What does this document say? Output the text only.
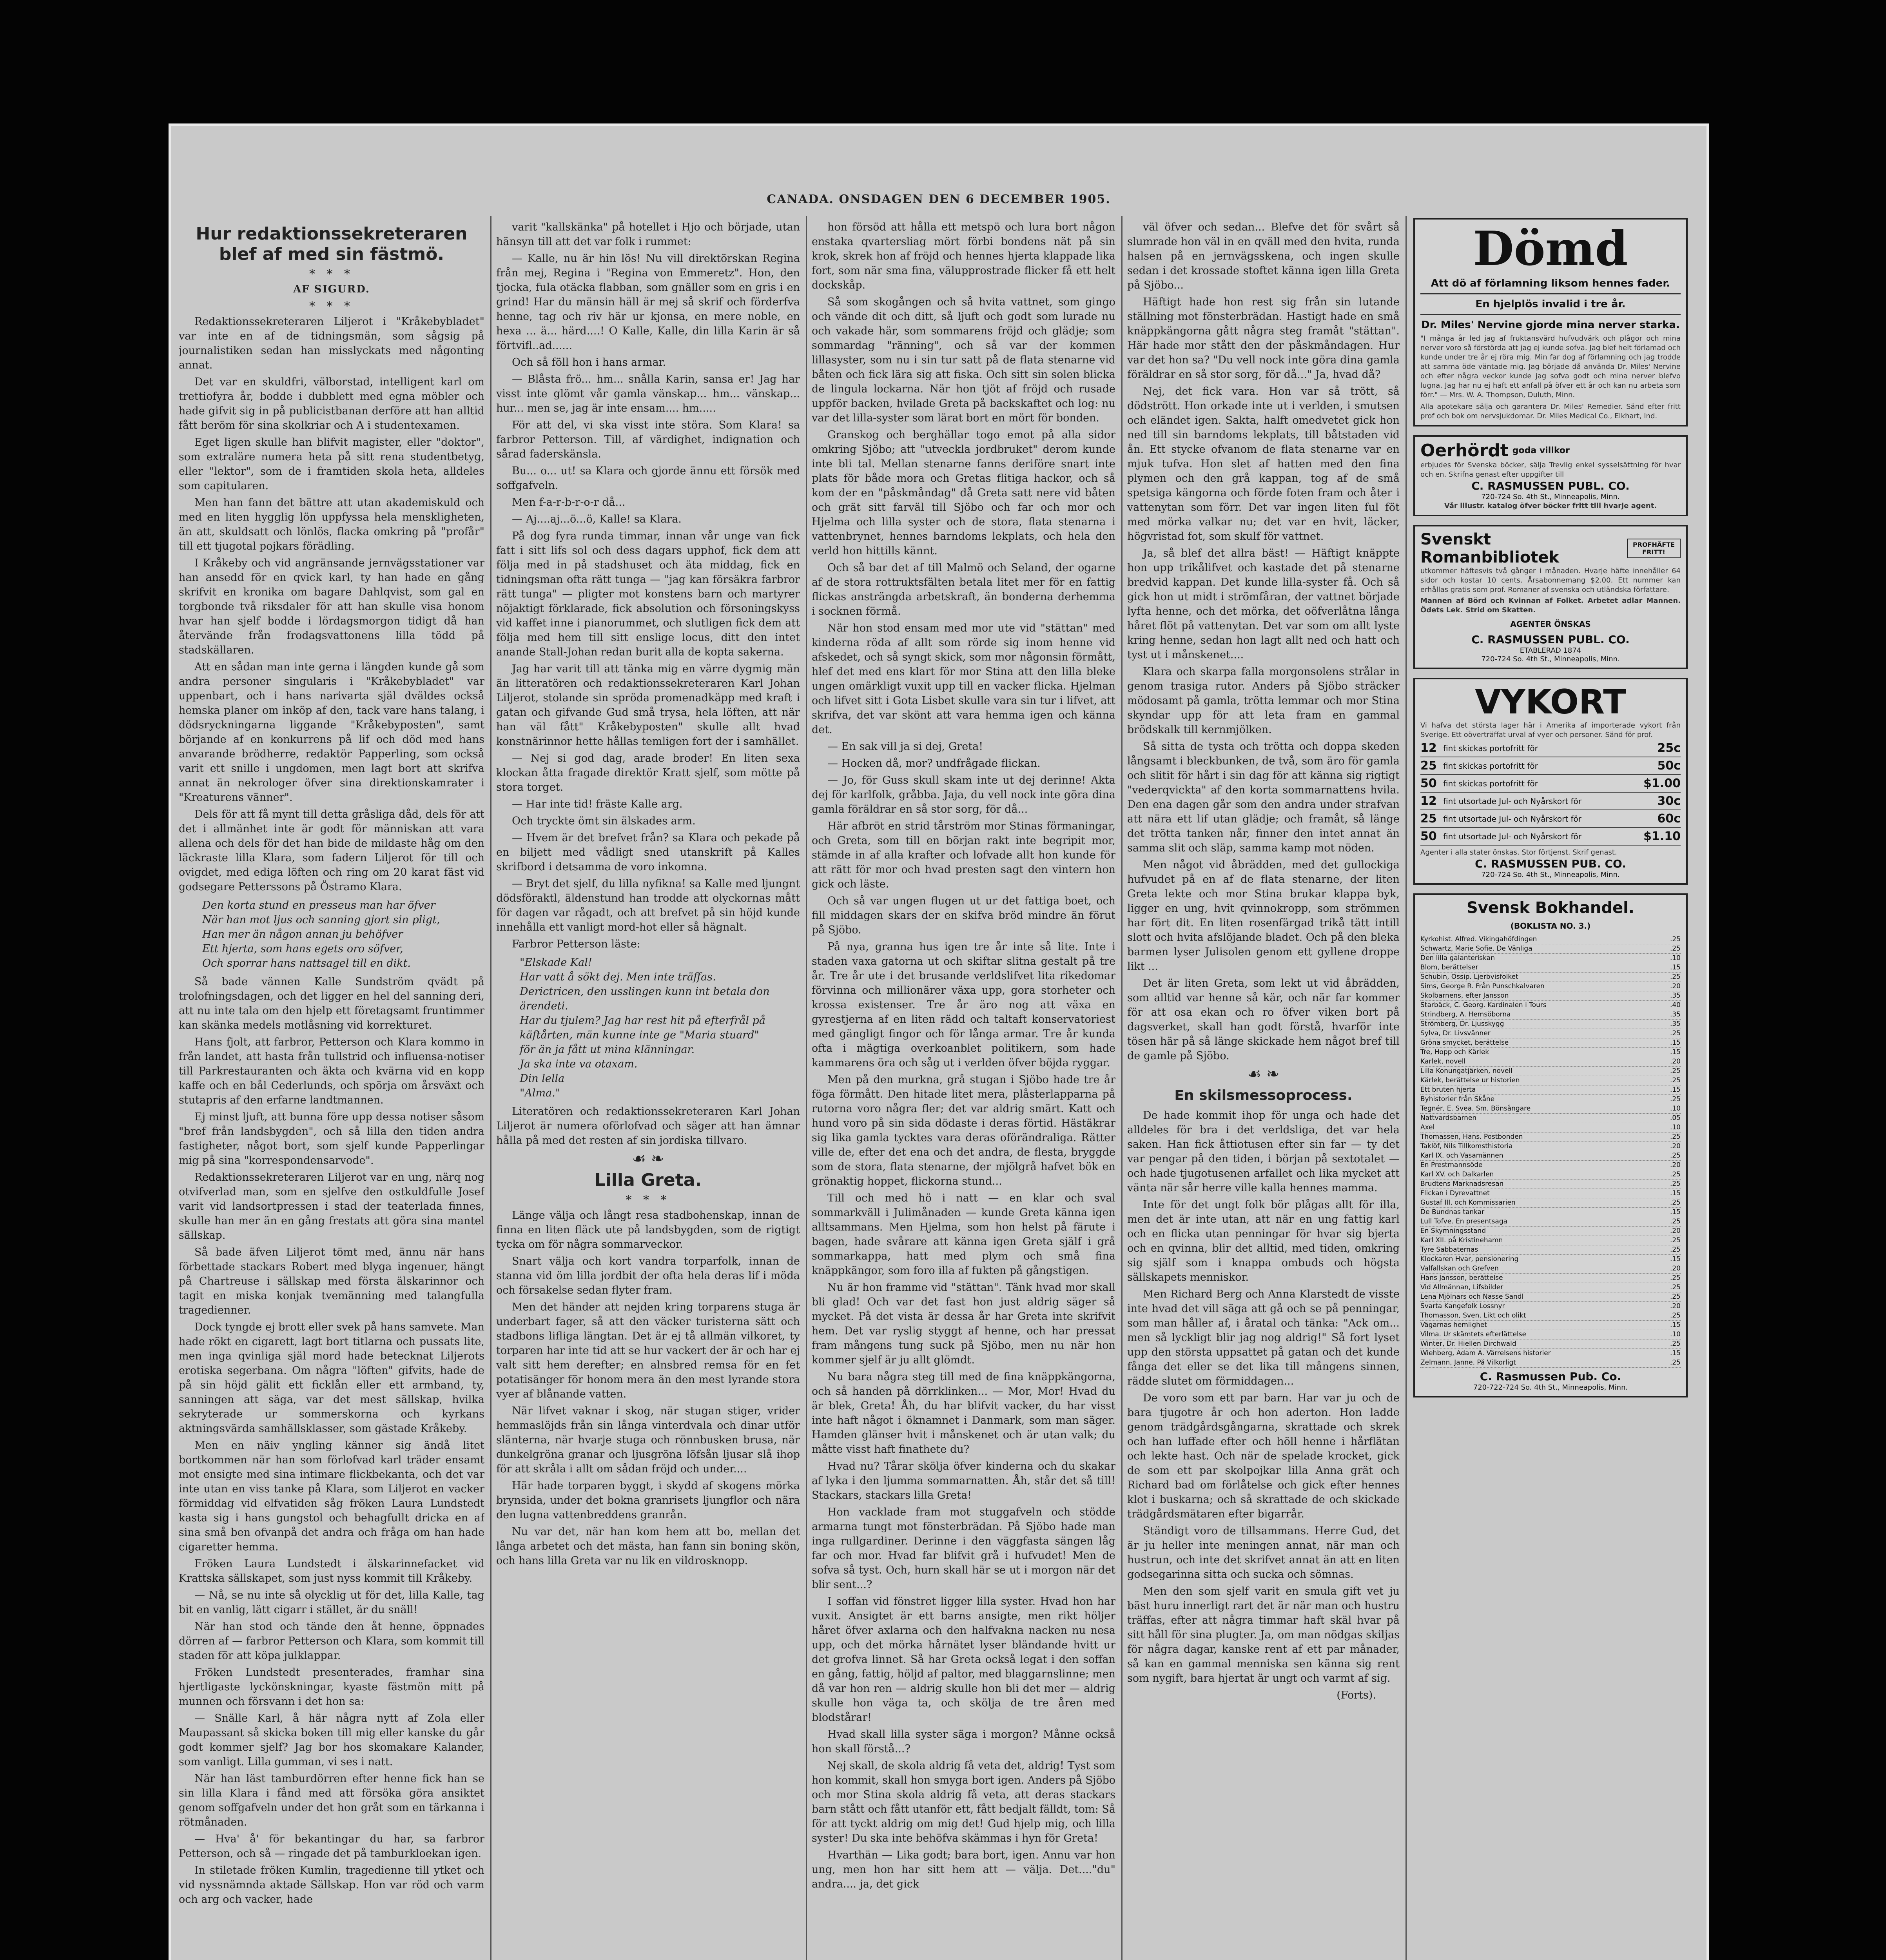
CANADA. ONSDAGEN DEN 6 DECEMBER 1905.
Hur redaktionssekreteraren blef af med sin fästmö.
* * *
AF SIGURD.
* * *

Redaktionssekreteraren Liljerot i "Kråkebybladet" var inte en af de tidningsmän, som sågsig på journalistiken sedan han misslyckats med någonting annat.

Det var en skuldfri, välborstad, intelligent karl om trettiofyra år, bodde i dubblett med egna möbler och hade gifvit sig in på publicistbanan derföre att han alltid fått beröm för sina skolkriar och A i studentexamen.

Eget ligen skulle han blifvit magister, eller "doktor", som extraläre numera heta på sitt rena studentbetyg, eller "lektor", som de i framtiden skola heta, alldeles som capitularen.

Men han fann det bättre att utan akademiskuld och med en liten hygglig lön uppfyssa hela menskligheten, än att, skuldsatt och lönlös, flacka omkring på "profår" till ett tjugotal pojkars förädling.

I Kråkeby och vid angränsande jernvägsstationer var han ansedd för en qvick karl, ty han hade en gång skrifvit en kronika om bagare Dahlqvist, som gal en torgbonde två riksdaler för att han skulle visa honom hvar han sjelf bodde i lördagsmorgon tidigt då han återvände från frodagsvattonens lilla tödd på stadskällaren.

Att en sådan man inte gerna i längden kunde gå som andra personer singularis i "Kråkebybladet" var uppenbart, och i hans narivarta själ dväldes också hemska planer om inköp af den, tack vare hans talang, i dödsryckningarna liggande "Kråkebyposten", samt börjande af en konkurrens på lif och död med hans anvarande brödherre, redaktör Papperling, som också varit ett snille i ungdomen, men lagt bort att skrifva annat än nekrologer öfver sina direktionskamrater i "Kreaturens vänner".

Dels för att få mynt till detta gråsliga dåd, dels för att det i allmänhet inte är godt för människan att vara allena och dels för det han bide de mildaste håg om den läckraste lilla Klara, som fadern Liljerot för till och ovigdet, med ediga löften och ring om 20 karat fäst vid godsegare Petterssons på Östramo Klara.

Den korta stund en presseus man har öfver
När han mot ljus och sanning gjort sin pligt,
Han mer än någon annan ju behöfver
Ett hjerta, som hans egets oro söfver,
Och sporrar hans nattsagel till en dikt.

Så bade vännen Kalle Sundström qvädt på trolofningsdagen, och det ligger en hel del sanning deri, att nu inte tala om den hjelp ett företagsamt fruntimmer kan skänka medels motlåsning vid korrekturet.

Hans fjolt, att farbror, Petterson och Klara kommo in från landet, att hasta från tullstrid och influensa-notiser till Parkrestauranten och äkta och kvärna vid en kopp kaffe och en bål Cederlunds, och spörja om årsväxt och stutapris af den erfarne landtmannen.

Ej minst ljuft, att bunna före upp dessa notiser såsom "bref från landsbygden", och så lilla den tiden andra fastigheter, något bort, som sjelf kunde Papperlingar mig på sina "korrespondensarvode".

Redaktionssekreteraren Liljerot var en ung, närq nog otvifverlad man, som en sjelfve den ostkuldfulle Josef varit vid landsortpressen i stad der teaterlada finnes, skulle han mer än en gång frestats att göra sina mantel sällskap.

Så bade äfven Liljerot tömt med, ännu när hans förbettade stackars Robert med blyga ingenuer, hängt på Chartreuse i sällskap med första älskarinnor och tagit en miska konjak tvemänning med talangfulla tragedienner.

Dock tyngde ej brott eller svek på hans samvete. Man hade rökt en cigarett, lagt bort titlarna och pussats lite, men inga qvinliga själ mord hade betecknat Liljerots erotiska segerbana. Om några "löften" gifvits, hade de på sin höjd gälit ett ficklån eller ett armband, ty, sanningen att säga, var det mest sällskap, hvilka sekryterade ur sommerskorna och kyrkans aktningsvärda samhällsklasser, som gästade Kråkeby.

Men en näiv yngling känner sig ändå litet bortkommen när han som förlofvad karl träder ensamt mot ensigte med sina intimare flickbekanta, och det var inte utan en viss tanke på Klara, som Liljerot en vacker förmiddag vid elfvatiden såg fröken Laura Lundstedt kasta sig i hans gungstol och behagfullt dricka en af sina små ben ofvanpå det andra och fråga om han hade cigaretter hemma.

Fröken Laura Lundstedt i älskarinnefacket vid Krattska sällskapet, som just nyss kommit till Kråkeby.

— Nå, se nu inte så olycklig ut för det, lilla Kalle, tag bit en vanlig, lätt cigarr i stället, är du snäll!

När han stod och tände den åt henne, öppnades dörren af — farbror Petterson och Klara, som kommit till staden för att köpa julklappar.

Fröken Lundstedt presenterades, framhar sina hjertligaste lyckönskningar, kyaste fästmön mitt på munnen och försvann i det hon sa:

— Snälle Karl, å här några nytt af Zola eller Maupassant så skicka boken till mig eller kanske du går godt kommer sjelf? Jag bor hos skomakare Kalander, som vanligt. Lilla gumman, vi ses i natt.

När han läst tamburdörren efter henne fick han se sin lilla Klara i fånd med att försöka göra ansiktet genom soffgafveln under det hon gråt som en tärkanna i rötmånaden.

— Hva' å' för bekantingar du har, sa farbror Petterson, och så — ringade det på tamburkloekan igen.

In stiletade fröken Kumlin, tragedienne till ytket och vid nyssnämnda aktade Sällskap. Hon var röd och varm och arg och vacker, hade

varit "kallskänka" på hotellet i Hjo och började, utan hänsyn till att det var folk i rummet:

— Kalle, nu är hin lös! Nu vill direktörskan Regina från mej, Regina i "Regina von Emmeretz". Hon, den tjocka, fula otäcka flabban, som gnäller som en gris i en grind! Har du mänsin häll är mej så skrif och förderfva henne, tag och riv här ur kjonsa, en mere noble, en hexa ... ä... härd....! O Kalle, Kalle, din lilla Karin är så förtvifl..ad......

Och så föll hon i hans armar.

— Blåsta frö... hm... snålla Karin, sansa er! Jag har visst inte glömt vår gamla vänskap... hm... vänskap... hur... men se, jag är inte ensam.... hm.....

För att del, vi ska visst inte störa. Som Klara! sa farbror Petterson. Till, af värdighet, indignation och sårad faderskänsla.

Bu... o... ut! sa Klara och gjorde ännu ett försök med soffgafveln.

Men f-a-r-b-r-o-r då...

— Aj....aj...ö...ö, Kalle! sa Klara.

På dog fyra runda timmar, innan vår unge van fick fatt i sitt lifs sol och dess dagars upphof, fick dem att följa med in på stadshuset och äta middag, fick en tidningsman ofta rätt tunga — "jag kan försäkra farbror rätt tunga" — pligter mot konstens barn och martyrer nöjaktigt förklarade, fick absolution och försoningskyss vid kaffet inne i pianorummet, och slutligen fick dem att följa med hem till sitt enslige locus, ditt den intet anande Stall-Johan redan burit alla de kopta sakerna.

Jag har varit till att tänka mig en värre dygmig män än litteratören och redaktionssekreteraren Karl Johan Liljerot, stolande sin spröda promenadkäpp med kraft i gatan och gifvande Gud små trysa, hela löften, att när han väl fått" Kråkebyposten" skulle allt hvad konstnärinnor hette hållas temligen fort der i samhället.

— Nej si god dag, arade broder! En liten sexa klockan åtta fragade direktör Kratt sjelf, som mötte på stora torget.

— Har inte tid! fräste Kalle arg.

Och tryckte ömt sin älskades arm.

— Hvem är det brefvet från? sa Klara och pekade på en biljett med vådligt sned utanskrift på Kalles skrifbord i detsamma de voro inkomna.

— Bryt det sjelf, du lilla nyfikna! sa Kalle med ljungnt dödsföraktl, äldenstund han trodde att olyckornas mått för dagen var rågadt, och att brefvet på sin höjd kunde innehålla ett vanligt mord-hot eller så hägnalt.

Farbror Petterson läste:

"Elskade Kal!
Har vatt å sökt dej. Men inte träffas. Derictricen, den usslingen kunn int betala don ärendeti.
Har du tjulem? Jag har rest hit på efterfrål på käftårten, män kunne inte ge "Maria stuard" för än ja fått ut mina klänningar.
Ja ska inte va otaxam.
Din lella
"Alma."

Literatören och redaktionssekreteraren Karl Johan Liljerot är numera oförlofvad och säger att han ämnar hålla på med det resten af sin jordiska tillvaro.

☙ ❧
Lilla Greta.
* * *

Länge välja och långt resa stadbohenskap, innan de finna en liten fläck ute på landsbygden, som de rigtigt tycka om för några sommarveckor.

Snart välja och kort vandra torparfolk, innan de stanna vid öm lilla jordbit der ofta hela deras lif i möda och försakelse sedan flyter fram.

Men det händer att nejden kring torparens stuga är underbart fager, så att den väcker turisterna sätt och stadbons lifliga längtan. Det är ej tå allmän vilkoret, ty torparen har inte tid att se hur vackert der är och har ej valt sitt hem derefter; en alnsbred remsa för en fet potatisänger för honom mera än den mest lyrande stora vyer af blånande vatten.

När lifvet vaknar i skog, när stugan stiger, vrider hemmaslöjds från sin långa vinterdvala och dinar utför slänterna, när hvarje stuga och rönnbusken brusa, när dunkelgröna granar och ljusgröna löfsån ljusar slå ihop för att skråla i allt om sådan fröjd och under....

Här hade torparen byggt, i skydd af skogens mörka brynsida, under det bokna granrisets ljungflor och nära den lugna vattenbreddens granrån.

Nu var det, när han kom hem att bo, mellan det långa arbetet och det mästa, han fann sin boning skön, och hans lilla Greta var nu lik en vildrosknopp.

hon försöd att hålla ett metspö och lura bort någon enstaka qvartersliag mört förbi bondens nät på sin krok, skrek hon af fröjd och hennes hjerta klappade lika fort, som när sma fina, välupprostrade flicker få ett helt dockskåp.

Så som skogången och så hvita vattnet, som gingo och vände dit och ditt, så ljuft och godt som lurade nu och vakade här, som sommarens fröjd och glädje; som sommardag "ränning", och så var der kommen lillasyster, som nu i sin tur satt på de flata stenarne vid båten och fick lära sig att fiska. Och sitt sin solen blicka de lingula lockarna. När hon tjöt af fröjd och rusade uppför backen, hvilade Greta på backskaftet och log: nu var det lilla-syster som lärat bort en mört för bonden.

Granskog och berghällar togo emot på alla sidor omkring Sjöbo; att "utveckla jordbruket" derom kunde inte bli tal. Mellan stenarne fanns deriföre snart inte plats för både mora och Gretas flitiga hackor, och så kom der en "påskmåndag" då Greta satt nere vid båten och grät sitt farväl till Sjöbo och far och mor och Hjelma och lilla syster och de stora, flata stenarna i vattenbrynet, hennes barndoms lekplats, och hela den verld hon hittills kännt.

Och så bar det af till Malmö och Seland, der ogarne af de stora rottruktsfälten betala litet mer för en fattig flickas ansträngda arbetskraft, än bonderna derhemma i socknen förmå.

När hon stod ensam med mor ute vid "stättan" med kinderna röda af allt som rörde sig inom henne vid afskedet, och så syngt skick, som mor någonsin förmått, hlef det med ens klart för mor Stina att den lilla bleke ungen omärkligt vuxit upp till en vacker flicka. Hjelman och lifvet sitt i Gota Lisbet skulle vara sin tur i lifvet, att skrifva, det var skönt att vara hemma igen och känna det.

— En sak vill ja si dej, Greta!

— Hocken då, mor? undfrågade flickan.

— Jo, för Guss skull skam inte ut dej derinne! Akta dej för karlfolk, gråbba. Jaja, du vell nock inte göra dina gamla föräldrar en så stor sorg, för då...

Här afbröt en strid tårström mor Stinas förmaningar, och Greta, som till en början rakt inte begripit mor, stämde in af alla krafter och lofvade allt hon kunde för att rätt för mor och hvad presten sagt den vintern hon gick och läste.

Och så var ungen flugen ut ur det fattiga boet, och fill middagen skars der en skifva bröd mindre än förut på Sjöbo.

På nya, granna hus igen tre år inte så lite. Inte i staden vaxa gatorna ut och skiftar slitna gestalt på tre år. Tre år ute i det brusande verldslifvet lita rikedomar förvinna och millionärer växa upp, gora storheter och krossa existenser. Tre år äro nog att växa en gyrestjerna af en liten rädd och taltaft konservatoriest med gängligt fingor och för långa armar. Tre år kunda ofta i mägtiga overkoanblet politikern, som hade kammarens öra och såg ut i verlden öfver böjda ryggar.

Men på den murkna, grå stugan i Sjöbo hade tre år föga förmått. Den hitade litet mera, plåsterlapparna på rutorna voro några fler; det var aldrig smärt. Katt och hund voro på sin sida dödaste i deras förtid. Hästäkrar sig lika gamla tycktes vara deras oförändraliga. Rätter ville de, efter det ena och det andra, de flesta, bryggde som de stora, flata stenarne, der mjölgrå hafvet bök en grönaktig hoppet, flickorna stund...

Till och med hö i natt — en klar och sval sommarkväll i Julimånaden — kunde Greta känna igen alltsammans. Men Hjelma, som hon helst på färute i bagen, hade svårare att känna igen Greta själf i grå sommarkappa, hatt med plym och små fina knäppkängor, som foro illa af fukten på gångstigen.

Nu är hon framme vid "stättan". Tänk hvad mor skall bli glad! Och var det fast hon just aldrig säger så mycket. På det vista är dessa år har Greta inte skrifvit hem. Det var ryslig styggt af henne, och har pressat fram mångens tung suck på Sjöbo, men nu när hon kommer sjelf är ju allt glömdt.

Nu bara några steg till med de fina knäppkängorna, och så handen på dörrklinken... — Mor, Mor! Hvad du är blek, Greta! Åh, du har blifvit vacker, du har visst inte haft något i öknamnet i Danmark, som man säger. Hamden glänser hvit i månskenet och är utan valk; du måtte visst haft finathete du?

Hvad nu? Tårar skölja öfver kinderna och du skakar af lyka i den ljumma sommarnatten. Åh, står det så till! Stackars, stackars lilla Greta!

Hon vacklade fram mot stuggafveln och stödde armarna tungt mot fönsterbrädan. På Sjöbo hade man inga rullgardiner. Derinne i den väggfasta sängen låg far och mor. Hvad far blifvit grå i hufvudet! Men de sofva så tyst. Och, hurn skall här se ut i morgon när det blir sent...?

I soffan vid fönstret ligger lilla syster. Hvad hon har vuxit. Ansigtet är ett barns ansigte, men rikt höljer håret öfver axlarna och den halfvakna nacken nu nesa upp, och det mörka hårnätet lyser bländande hvitt ur det grofva linnet. Så har Greta också legat i den soffan en gång, fattig, höljd af paltor, med blaggarnslinne; men då var hon ren — aldrig skulle hon bli det mer — aldrig skulle hon väga ta, och skölja de tre åren med blodstårar!

Hvad skall lilla syster säga i morgon? Månne också hon skall förstå...?

Nej skall, de skola aldrig få veta det, aldrig! Tyst som hon kommit, skall hon smyga bort igen. Anders på Sjöbo och mor Stina skola aldrig få veta, att deras stackars barn stått och fått utanför ett, fått bedjalt fälldt, tom: Så för att tyckt aldrig om mig det! Gud hjelp mig, och lilla syster! Du ska inte behöfva skämmas i hyn för Greta!

Hvarthän — Lika godt; bara bort, igen. Annu var hon ung, men hon har sitt hem att — välja. Det...."du" andra.... ja, det gick

väl öfver och sedan... Blefve det för svårt så slumrade hon väl in en qväll med den hvita, runda halsen på en jernvägsskena, och ingen skulle sedan i det krossade stoftet känna igen lilla Greta på Sjöbo...

Häftigt hade hon rest sig från sin lutande ställning mot fönsterbrädan. Hastigt hade en små knäppkängorna gått några steg framåt "stättan". Här hade mor stått den der påskmåndagen. Hur var det hon sa? "Du vell nock inte göra dina gamla föräldrar en så stor sorg, för då..." Ja, hvad då?

Nej, det fick vara. Hon var så trött, så dödstrött. Hon orkade inte ut i verlden, i smutsen och eländet igen. Sakta, halft omedvetet gick hon ned till sin barndoms lekplats, till båtstaden vid ån. Ett stycke ofvanom de flata stenarne var en mjuk tufva. Hon slet af hatten med den fina plymen och den grå kappan, tog af de små spetsiga kängorna och förde foten fram och åter i vattenytan som förr. Det var ingen liten ful föt med mörka valkar nu; det var en hvit, läcker, högvristad fot, som skulf för vattnet.

Ja, så blef det allra bäst! — Häftigt knäppte hon upp trikålifvet och kastade det på stenarne bredvid kappan. Det kunde lilla-syster få. Och så gick hon ut midt i strömfåran, der vattnet började lyfta henne, och det mörka, det oöfverlåtna långa håret flöt på vattenytan. Det var som om allt lyste kring henne, sedan hon lagt allt ned och hatt och tyst ut i månskenet....

Klara och skarpa falla morgonsolens strålar in genom trasiga rutor. Anders på Sjöbo sträcker mödosamt på gamla, trötta lemmar och mor Stina skyndar upp för att leta fram en gammal brödskalk till kernmjölken.

Så sitta de tysta och trötta och doppa skeden långsamt i bleckbunken, de två, som äro för gamla och slitit för hårt i sin dag för att känna sig rigtigt "vederqvickta" af den korta sommarnattens hvila. Den ena dagen går som den andra under strafvan att nära ett lif utan glädje; och framåt, så länge det trötta tanken når, finner den intet annat än samma slit och släp, samma kamp mot nöden.

Men något vid åbrädden, med det gullockiga hufvudet på en af de flata stenarne, der liten Greta lekte och mor Stina brukar klappa byk, ligger en ung, hvit qvinnokropp, som strömmen har fört dit. En liten rosenfärgad trikå tätt intill slott och hvita afslöjande bladet. Och på den bleka barmen lyser Julisolen genom ett gyllene droppe likt ...

Det är liten Greta, som lekt ut vid åbrädden, som alltid var henne så kär, och när far kommer för att osa ekan och ro öfver viken bort på dagsverket, skall han godt förstå, hvarför inte tösen här på så länge skickade hem något bref till de gamle på Sjöbo.

☙ ❧
En skilsmessoprocess.

De hade kommit ihop för unga och hade det alldeles för bra i det verldsliga, det var hela saken. Han fick åttiotusen efter sin far — ty det var pengar på den tiden, i början på sextotalet — och hade tjugotusenen arfallet och lika mycket att vänta när sår herre ville kalla hennes mamma.

Inte för det ungt folk bör plågas allt för illa, men det är inte utan, att när en ung fattig karl och en flicka utan penningar för hvar sig bjerta och en qvinna, blir det alltid, med tiden, omkring sig själf som i knappa ombuds och högsta sällskapets menniskor.

Men Richard Berg och Anna Klarstedt de visste inte hvad det vill säga att gå och se på penningar, som man håller af, i åratal och tänka: "Ack om... men så lyckligt blir jag nog aldrig!" Så fort lyset upp den största uppsattet på gatan och det kunde fånga det eller se det lika till mångens sinnen, rädde slutet om förmiddagen...

De voro som ett par barn. Har var ju och de bara tjugotre år och hon aderton. Hon ladde genom trädgårdsgångarna, skrattade och skrek och han luffade efter och höll henne i hårflätan och lekte hast. Och när de spelade krocket, gick de som ett par skolpojkar lilla Anna grät och Richard bad om förlåtelse och gick efter hennes klot i buskarna; och så skrattade de och skickade trädgårdsmätaren efter bigarrår.

Ständigt voro de tillsammans. Herre Gud, det är ju heller inte meningen annat, när man och hustrun, och inte det skrifvet annat än att en liten godsegarinna sitta och sucka och sömnas.

Men den som sjelf varit en smula gift vet ju bäst huru innerligt rart det är när man och hustru träffas, efter att några timmar haft skäl hvar på sitt håll för sina plugter. Ja, om man nödgas skiljas för några dagar, kanske rent af ett par månader, så kan en gammal menniska sen känna sig rent som nygift, bara hjertat är ungt och varmt af sig.

(Forts).

Dömd
Att dö af förlamning liksom hennes fader.
En hjelplös invalid i tre år.
Dr. Miles' Nervine gjorde mina nerver starka.
"I många år led jag af fruktansvärd hufvudvärk och plågor och mina nerver voro så förstörda att jag ej kunde sofva. Jag blef helt förlamad och kunde under tre år ej röra mig. Min far dog af förlamning och jag trodde att samma öde väntade mig. Jag började då använda Dr. Miles' Nervine och efter några veckor kunde jag sofva godt och mina nerver blefvo lugna. Jag har nu ej haft ett anfall på öfver ett år och kan nu arbeta som förr." — Mrs. W. A. Thompson, Duluth, Minn.
Alla apotekare sälja och garantera Dr. Miles' Remedier. Sänd efter fritt prof och bok om nervsjukdomar. Dr. Miles Medical Co., Elkhart, Ind.
Oerhördt goda villkor
erbjudes för Svenska böcker, sälja Trevlig enkel sysselsättning för hvar och en. Skrifna genast efter uppgifter till
C. RASMUSSEN PUBL. CO.
720-724 So. 4th St., Minneapolis, Minn.
Vår illustr. katalog öfver böcker fritt till hvarje agent.
Svenskt Romanbibliotek
PROFHÄFTE FRITT!
utkommer häftesvis två gånger i månaden. Hvarje häfte innehåller 64 sidor och kostar 10 cents. Årsabonnemang $2.00. Ett nummer kan erhållas gratis som prof. Romaner af svenska och utländska författare.
Mannen af Börd och Kvinnan af Folket. Arbetet adlar Mannen. Ödets Lek. Strid om Skatten.
AGENTER ÖNSKAS
C. RASMUSSEN PUBL. CO.
ETABLERAD 1874
720-724 So. 4th St., Minneapolis, Minn.
VYKORT
Vi hafva det största lager här i Amerika af importerade vykort från Sverige. Ett oöverträffat urval af vyer och personer. Sänd för prof.
12 fint skickas portofritt för	25c
25 fint skickas portofritt för	50c
50 fint skickas portofritt för	$1.00
12 fint utsortade Jul- och Nyårskort för	30c
25 fint utsortade Jul- och Nyårskort för	60c
50 fint utsortade Jul- och Nyårskort för	$1.10
Agenter i alla stater önskas. Stor förtjenst. Skrif genast.
C. RASMUSSEN PUB. CO.
720-724 So. 4th St., Minneapolis, Minn.
Svensk Bokhandel.
(BOKLISTA NO. 3.)
Kyrkohist. Alfred. Vikingahöfdingen	.25
Schwartz, Marie Sofie. De Vänliga	.25
Den lilla galanteriskan	.10
Blom, berättelser	.15
Schubin, Ossip. Ljerbvisfolket	.25
Sims, George R. Från Punschkalvaren	.20
Skolbarnens, efter Jansson	.35
Starbäck, C. Georg. Kardinalen i Tours	.40
Strindberg, A. Hemsöborna	.35
Strömberg, Dr. Ljusskygg	.35
Sylva, Dr. Livsvänner	.25
Gröna smycket, berättelse	.15
Tre, Hopp och Kärlek	.15
Karlek, novell	.20
Lilla Konungatjärken, novell	.25
Kärlek, berättelse ur historien	.25
Ett bruten hjerta	.15
Byhistorier från Skåne	.25
Tegnér, E. Svea. Sm. Bönsångare	.10
Nattvardsbarnen	.05
Axel	.10
Thomassen, Hans. Postbonden	.25
Taklöf, Nils Tillkomsthistoria	.20
Karl IX. och Vasamännen	.25
En Prestmannsöde	.20
Karl XV. och Dalkarlen	.25
Brudtens Marknadsresan	.25
Flickan i Dyrevattnet	.15
Gustaf III. och Kommissarien	.25
De Bundnas tankar	.15
Lull Tofve. En presentsaga	.25
En Skymningsstand	.20
Karl XII. på Kristinehamn	.25
Tyre Sabbaternas	.25
Klockaren Hvar, pensionering	.15
Valfallskan och Grefven	.20
Hans Jansson, berättelse	.25
Vid Allmännan, Lifsbilder	.25
Lena Mjölnars och Nasse Sandl	.25
Svarta Kangefolk Lossnyr	.20
Thomasson, Sven. Likt och olikt	.25
Vägarnas hemlighet	.15
Vilma. Ur skämtets efterlättelse	.10
Winter, Dr. Hiellen Dirchwald	.25
Wiehberg, Adam A. Värrelsens historier	.15
Zelmann, Janne. På Vilkorligt	.25
C. Rasmussen Pub. Co.
720-722-724 So. 4th St., Minneapolis, Minn.
